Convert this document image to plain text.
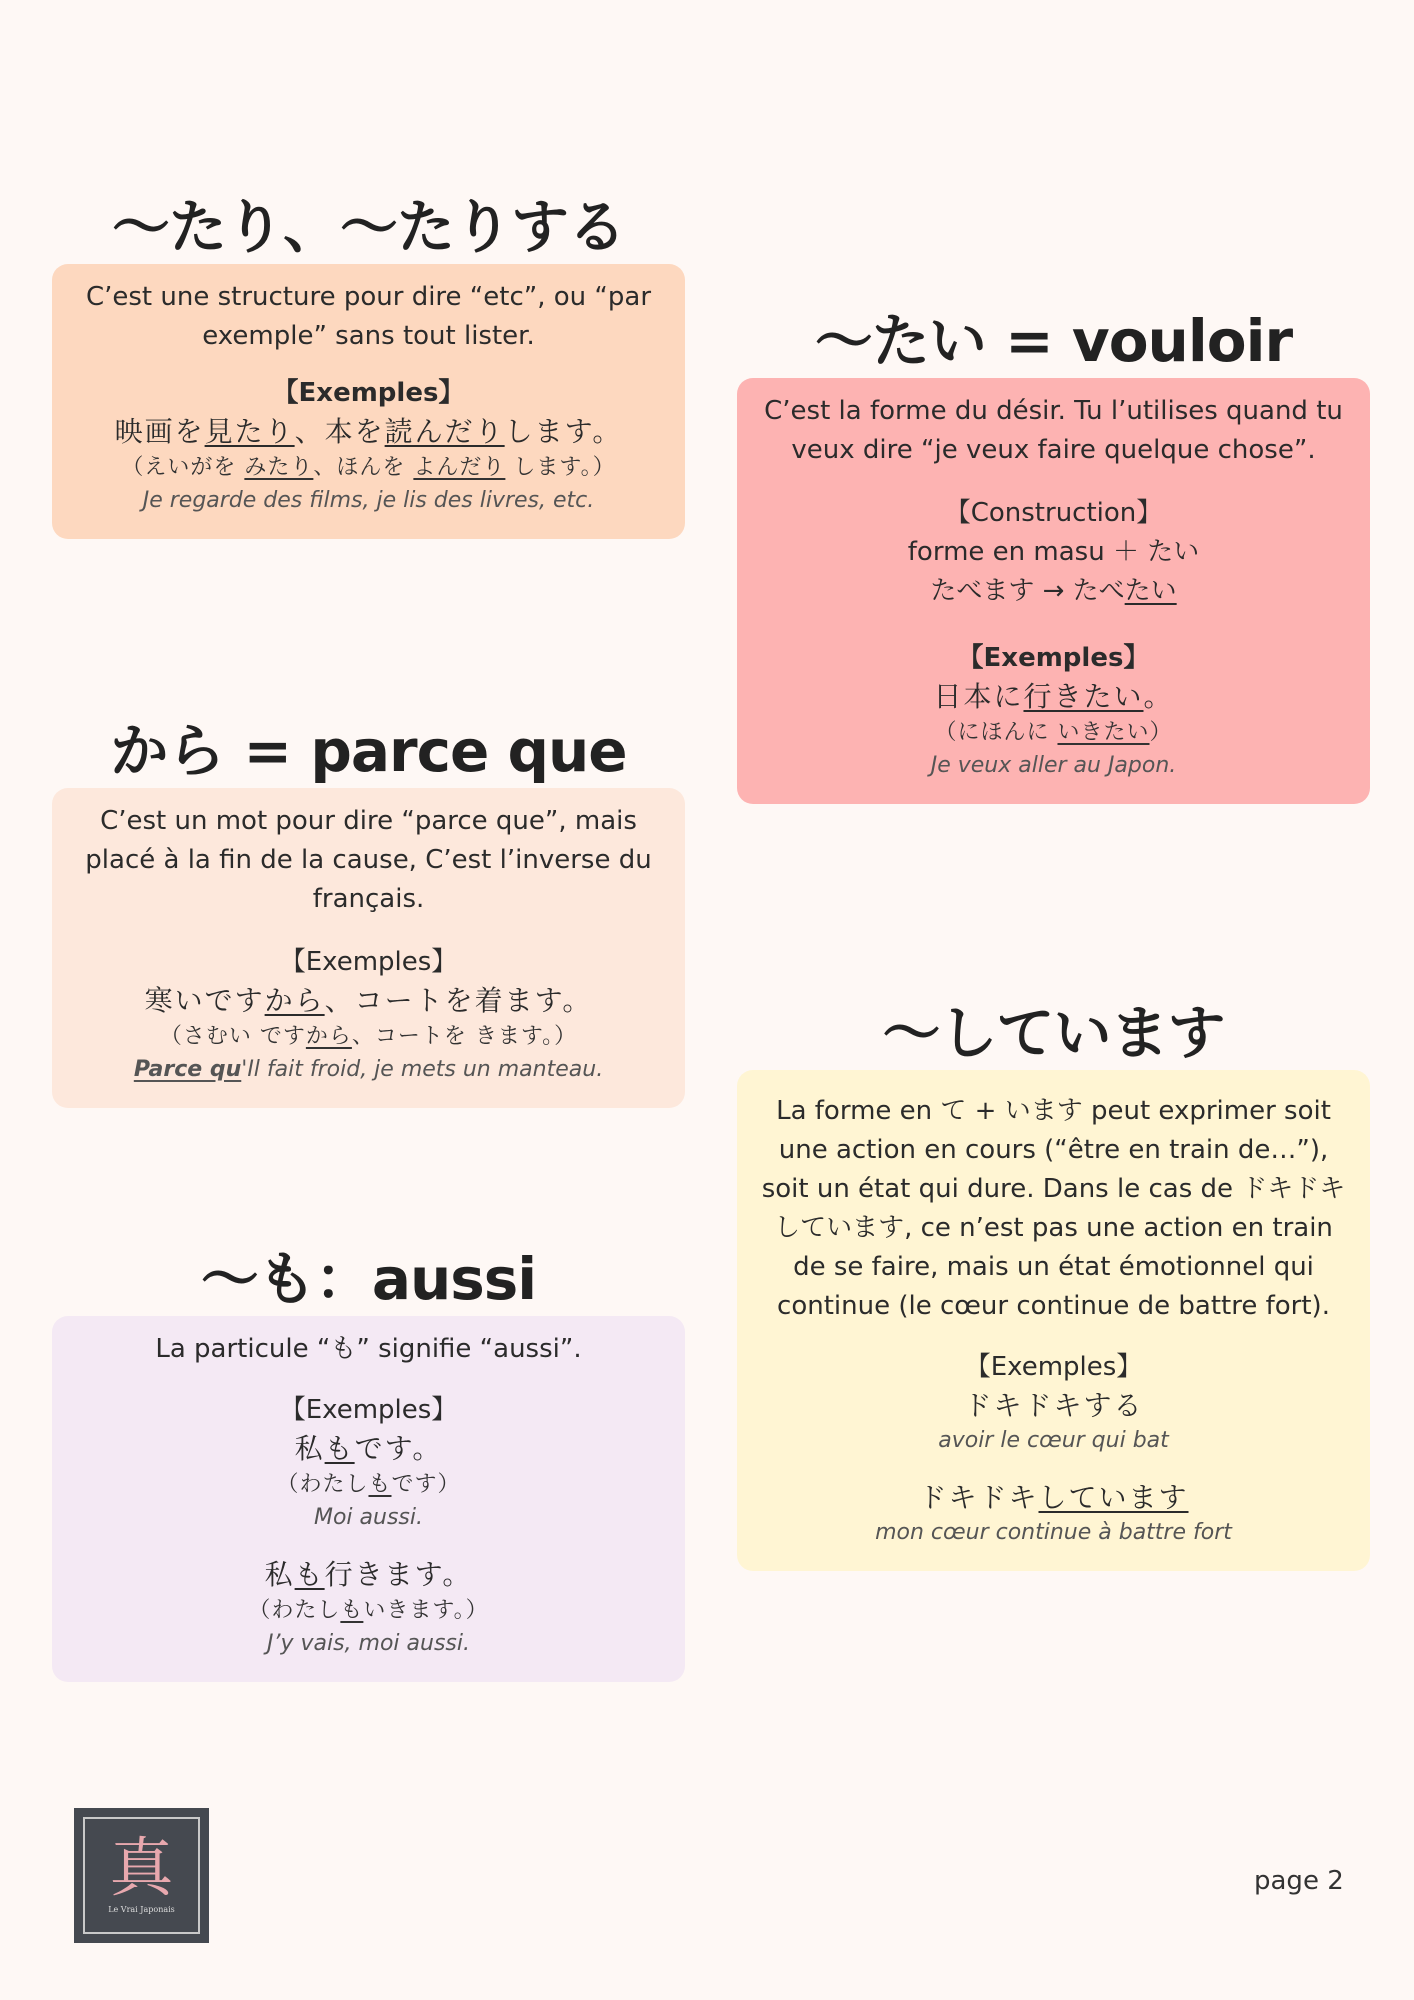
〜たり、〜たりする
C’est une structure pour dire “etc”, ou “par exemple” sans tout lister.
【Exemples】
映画を見たり、本を読んだりします。
（えいがを みたり、ほんを よんだり します。）
Je regarde des films, je lis des livres, etc.
〜たい = vouloir
C’est la forme du désir. Tu l’utilises quand tu veux dire “je veux faire quelque chose”.
【Construction】
forme en masu ＋ たい
たべます → たべたい
【Exemples】
日本に行きたい。
（にほんに いきたい）
Je veux aller au Japon.
から = parce que
C’est un mot pour dire “parce que”, mais placé à la fin de la cause, C’est l’inverse du français.
【Exemples】
寒いですから、コートを着ます。
（さむい ですから、コートを きます。）
Parce qu'Il fait froid, je mets un manteau.
〜しています
La forme en て + います peut exprimer soit une action en cours (“être en train de…”), soit un état qui dure. Dans le cas de ドキドキしています, ce n’est pas une action en train de se faire, mais un état émotionnel qui continue (le cœur continue de battre fort).
【Exemples】
ドキドキする
avoir le cœur qui bat
ドキドキしています
mon cœur continue à battre fort
〜も：aussi
La particule “も” signifie “aussi”.
【Exemples】
私もです。
（わたしもです）
Moi aussi.
私も行きます。
（わたしもいきます。）
J’y vais, moi aussi.
真
Le Vrai Japonais
page 2
